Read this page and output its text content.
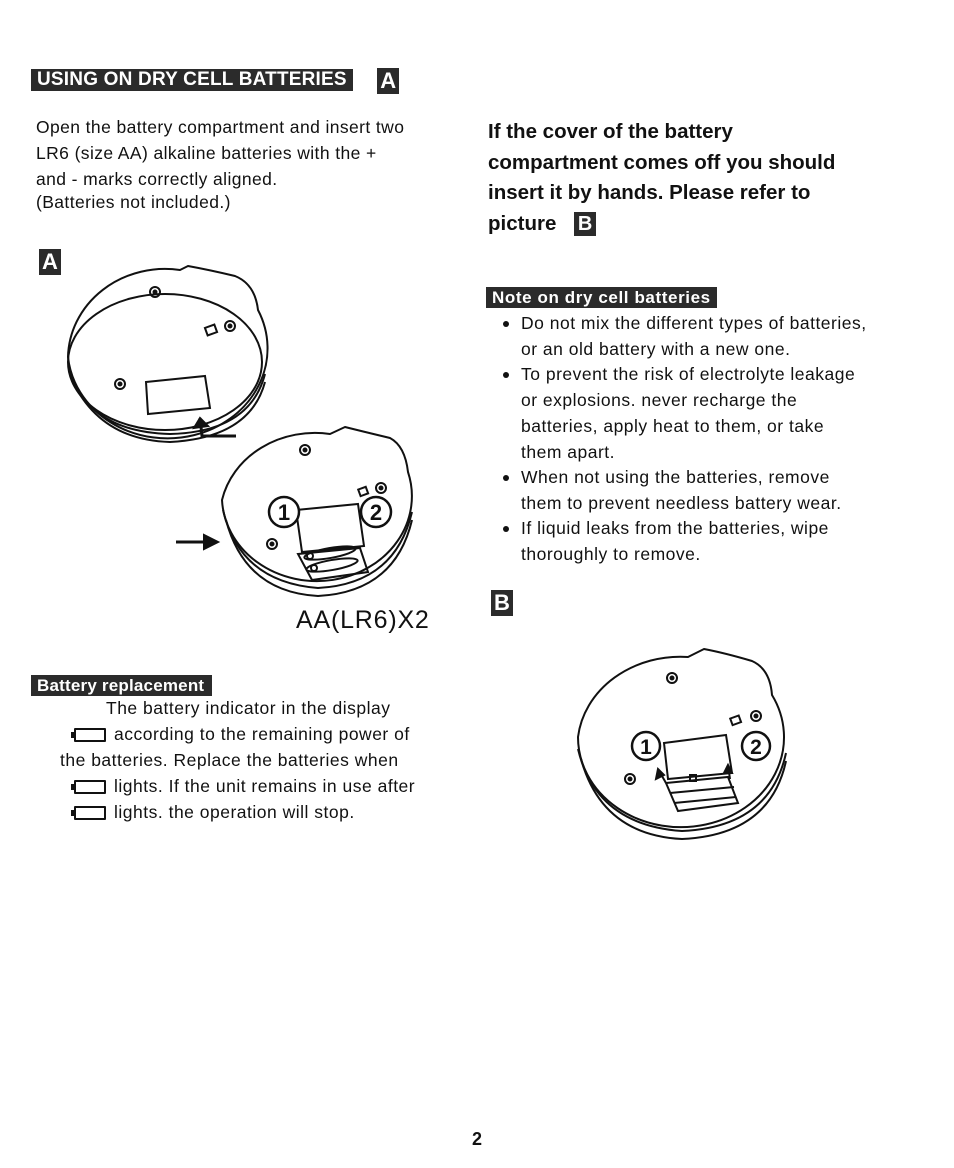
USING ON DRY CELL BATTERIES A
Open the battery compartment and insert two
LR6 (size AA) alkaline batteries with the +
and - marks correctly aligned.
(Batteries not included.)
A
1	2
AA(LR6)X2
Battery replacement
The battery indicator in the display
according to the remaining power of
the batteries. Replace the batteries when
lights. If the unit remains in use after
lights. the operation will stop.
If the cover of the battery
compartment comes off you should
insert it by hands. Please refer to
picture B
Note on dry cell batteries
Do not mix the different types of batteries,
or an old battery with a new one.
To prevent the risk of electrolyte leakage
or explosions. never recharge the
batteries, apply heat to them, or take
them apart.
When not using the batteries, remove
them to prevent needless battery wear.
If liquid leaks from the batteries, wipe
thoroughly to remove.
B
1	2
2
